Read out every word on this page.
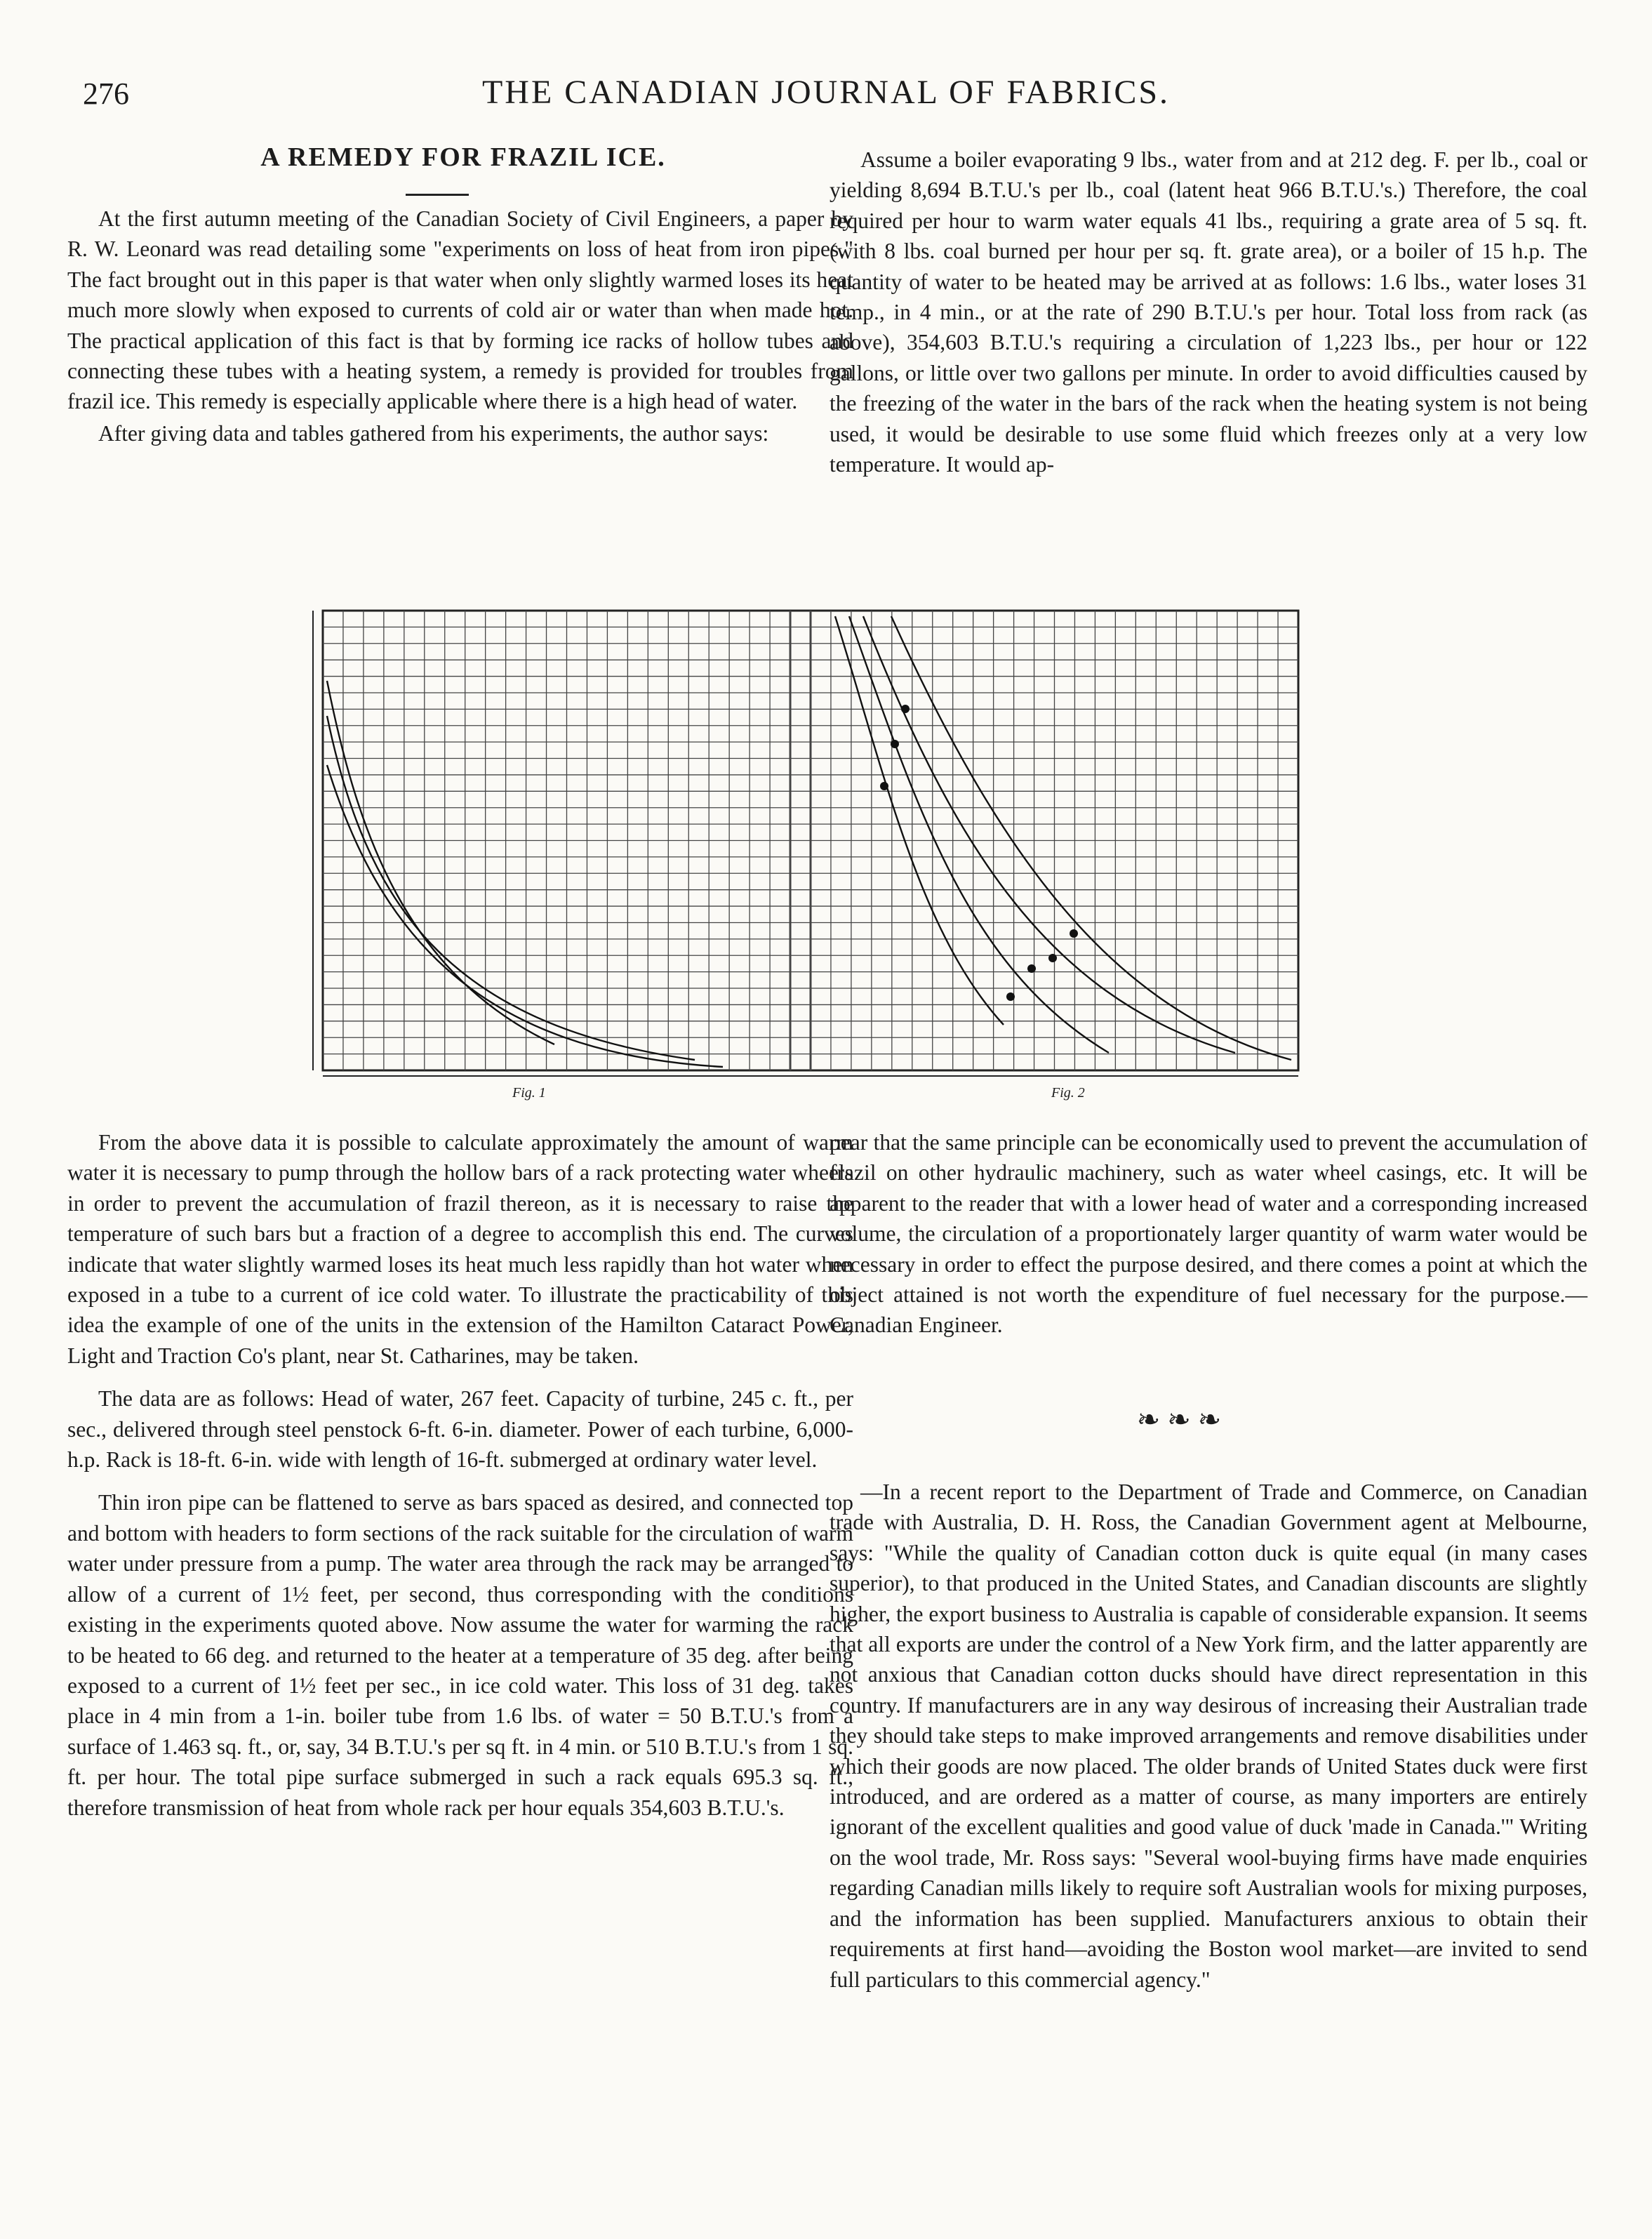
276	THE CANADIAN JOURNAL OF FABRICS.
A REMEDY FOR FRAZIL ICE.

At the first autumn meeting of the Canadian Society of Civil Engineers, a paper by R. W. Leonard was read detailing some "experiments on loss of heat from iron pipes." The fact brought out in this paper is that water when only slightly warmed loses its heat much more slowly when exposed to currents of cold air or water than when made hot. The practical application of this fact is that by forming ice racks of hollow tubes and connecting these tubes with a heating system, a remedy is provided for troubles from frazil ice. This remedy is especially applicable where there is a high head of water.

After giving data and tables gathered from his experiments, the author says:

Assume a boiler evaporating 9 lbs., water from and at 212 deg. F. per lb., coal or yielding 8,694 B.T.U.'s per lb., coal (latent heat 966 B.T.U.'s.) Therefore, the coal required per hour to warm water equals 41 lbs., requiring a grate area of 5 sq. ft. (with 8 lbs. coal burned per hour per sq. ft. grate area), or a boiler of 15 h.p. The quantity of water to be heated may be arrived at as follows: 1.6 lbs., water loses 31 temp., in 4 min., or at the rate of 290 B.T.U.'s per hour. Total loss from rack (as above), 354,603 B.T.U.'s requiring a circulation of 1,223 lbs., per hour or 122 gallons, or little over two gallons per minute. In order to avoid difficulties caused by the freezing of the water in the bars of the rack when the heating system is not being used, it would be desirable to use some fluid which freezes only at a very low temperature. It would ap-

Fig. 1	Fig. 2

From the above data it is possible to calculate approximately the amount of warm water it is necessary to pump through the hollow bars of a rack protecting water wheels in order to prevent the accumulation of frazil thereon, as it is necessary to raise the temperature of such bars but a fraction of a degree to accomplish this end. The curves indicate that water slightly warmed loses its heat much less rapidly than hot water when exposed in a tube to a current of ice cold water. To illustrate the practicability of this idea the example of one of the units in the extension of the Hamilton Cataract Power, Light and Traction Co's plant, near St. Catharines, may be taken.

The data are as follows: Head of water, 267 feet. Capacity of turbine, 245 c. ft., per sec., delivered through steel penstock 6-ft. 6-in. diameter. Power of each turbine, 6,000-h.p. Rack is 18-ft. 6-in. wide with length of 16-ft. submerged at ordinary water level.

Thin iron pipe can be flattened to serve as bars spaced as desired, and connected top and bottom with headers to form sections of the rack suitable for the circulation of warm water under pressure from a pump. The water area through the rack may be arranged to allow of a current of 1½ feet, per second, thus corresponding with the conditions existing in the experiments quoted above. Now assume the water for warming the rack to be heated to 66 deg. and returned to the heater at a temperature of 35 deg. after being exposed to a current of 1½ feet per sec., in ice cold water. This loss of 31 deg. takes place in 4 min from a 1-in. boiler tube from 1.6 lbs. of water = 50 B.T.U.'s from a surface of 1.463 sq. ft., or, say, 34 B.T.U.'s per sq ft. in 4 min. or 510 B.T.U.'s from 1 sq. ft. per hour. The total pipe surface submerged in such a rack equals 695.3 sq. ft., therefore transmission of heat from whole rack per hour equals 354,603 B.T.U.'s.

pear that the same principle can be economically used to prevent the accumulation of frazil on other hydraulic machinery, such as water wheel casings, etc. It will be apparent to the reader that with a lower head of water and a corresponding increased volume, the circulation of a proportionately larger quantity of warm water would be necessary in order to effect the purpose desired, and there comes a point at which the object attained is not worth the expenditure of fuel necessary for the purpose.—Canadian Engineer.

❧❧❧

—In a recent report to the Department of Trade and Commerce, on Canadian trade with Australia, D. H. Ross, the Canadian Government agent at Melbourne, says: "While the quality of Canadian cotton duck is quite equal (in many cases superior), to that produced in the United States, and Canadian discounts are slightly higher, the export business to Australia is capable of considerable expansion. It seems that all exports are under the control of a New York firm, and the latter apparently are not anxious that Canadian cotton ducks should have direct representation in this country. If manufacturers are in any way desirous of increasing their Australian trade they should take steps to make improved arrangements and remove disabilities under which their goods are now placed. The older brands of United States duck were first introduced, and are ordered as a matter of course, as many importers are entirely ignorant of the excellent qualities and good value of duck 'made in Canada.'" Writing on the wool trade, Mr. Ross says: "Several wool-buying firms have made enquiries regarding Canadian mills likely to require soft Australian wools for mixing purposes, and the information has been supplied. Manufacturers anxious to obtain their requirements at first hand—avoiding the Boston wool market—are invited to send full particulars to this commercial agency."
